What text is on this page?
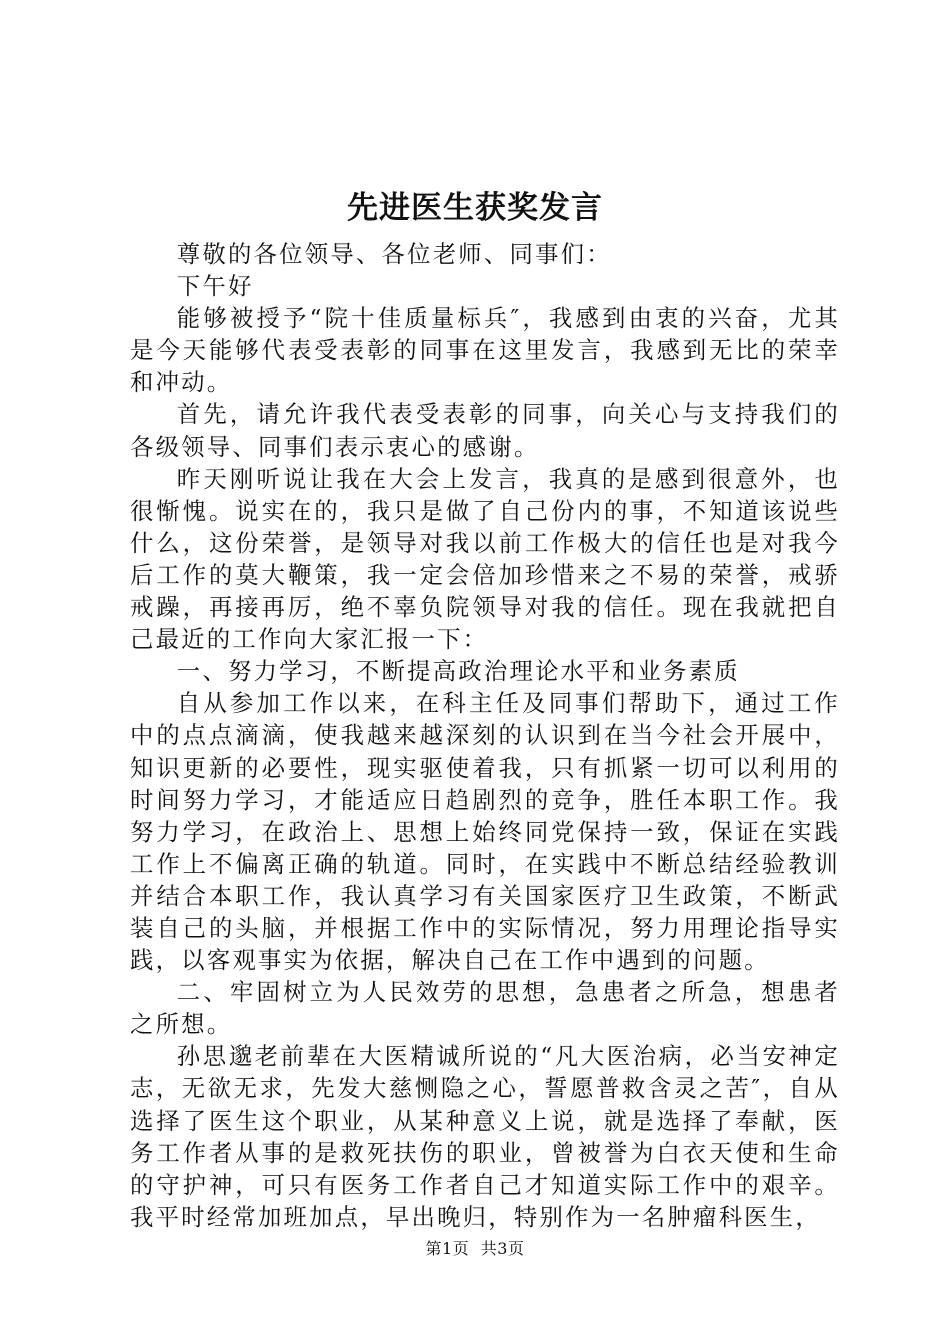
先进医生获奖发言

尊敬的各位领导、各位老师、同事们：

下午好

能够被授予“院十佳质量标兵″，我感到由衷的兴奋，尤其是今天能够代表受表彰的同事在这里发言，我感到无比的荣幸和冲动。

首先，请允许我代表受表彰的同事，向关心与支持我们的各级领导、同事们表示衷心的感谢。

昨天刚听说让我在大会上发言，我真的是感到很意外，也很惭愧。说实在的，我只是做了自己份内的事，不知道该说些什么，这份荣誉，是领导对我以前工作极大的信任也是对我今后工作的莫大鞭策，我一定会倍加珍惜来之不易的荣誉，戒骄戒躁，再接再厉，绝不辜负院领导对我的信任。现在我就把自己最近的工作向大家汇报一下：

一、努力学习，不断提高政治理论水平和业务素质

自从参加工作以来，在科主任及同事们帮助下，通过工作中的点点滴滴，使我越来越深刻的认识到在当今社会开展中，知识更新的必要性，现实驱使着我，只有抓紧一切可以利用的时间努力学习，才能适应日趋剧烈的竞争，胜任本职工作。我努力学习，在政治上、思想上始终同党保持一致，保证在实践工作上不偏离正确的轨道。同时，在实践中不断总结经验教训并结合本职工作，我认真学习有关国家医疗卫生政策，不断武装自己的头脑，并根据工作中的实际情况，努力用理论指导实践，以客观事实为依据，解决自己在工作中遇到的问题。

二、牢固树立为人民效劳的思想，急患者之所急，想患者之所想。

孙思邈老前辈在大医精诚所说的“凡大医治病，必当安神定志，无欲无求，先发大慈恻隐之心，誓愿普救含灵之苦″，自从选择了医生这个职业，从某种意义上说，就是选择了奉献，医务工作者从事的是救死扶伤的职业，曾被誉为白衣天使和生命的守护神，可只有医务工作者自己才知道实际工作中的艰辛。我平时经常加班加点，早出晚归，特别作为一名肿瘤科医生，

第1页 共3页
